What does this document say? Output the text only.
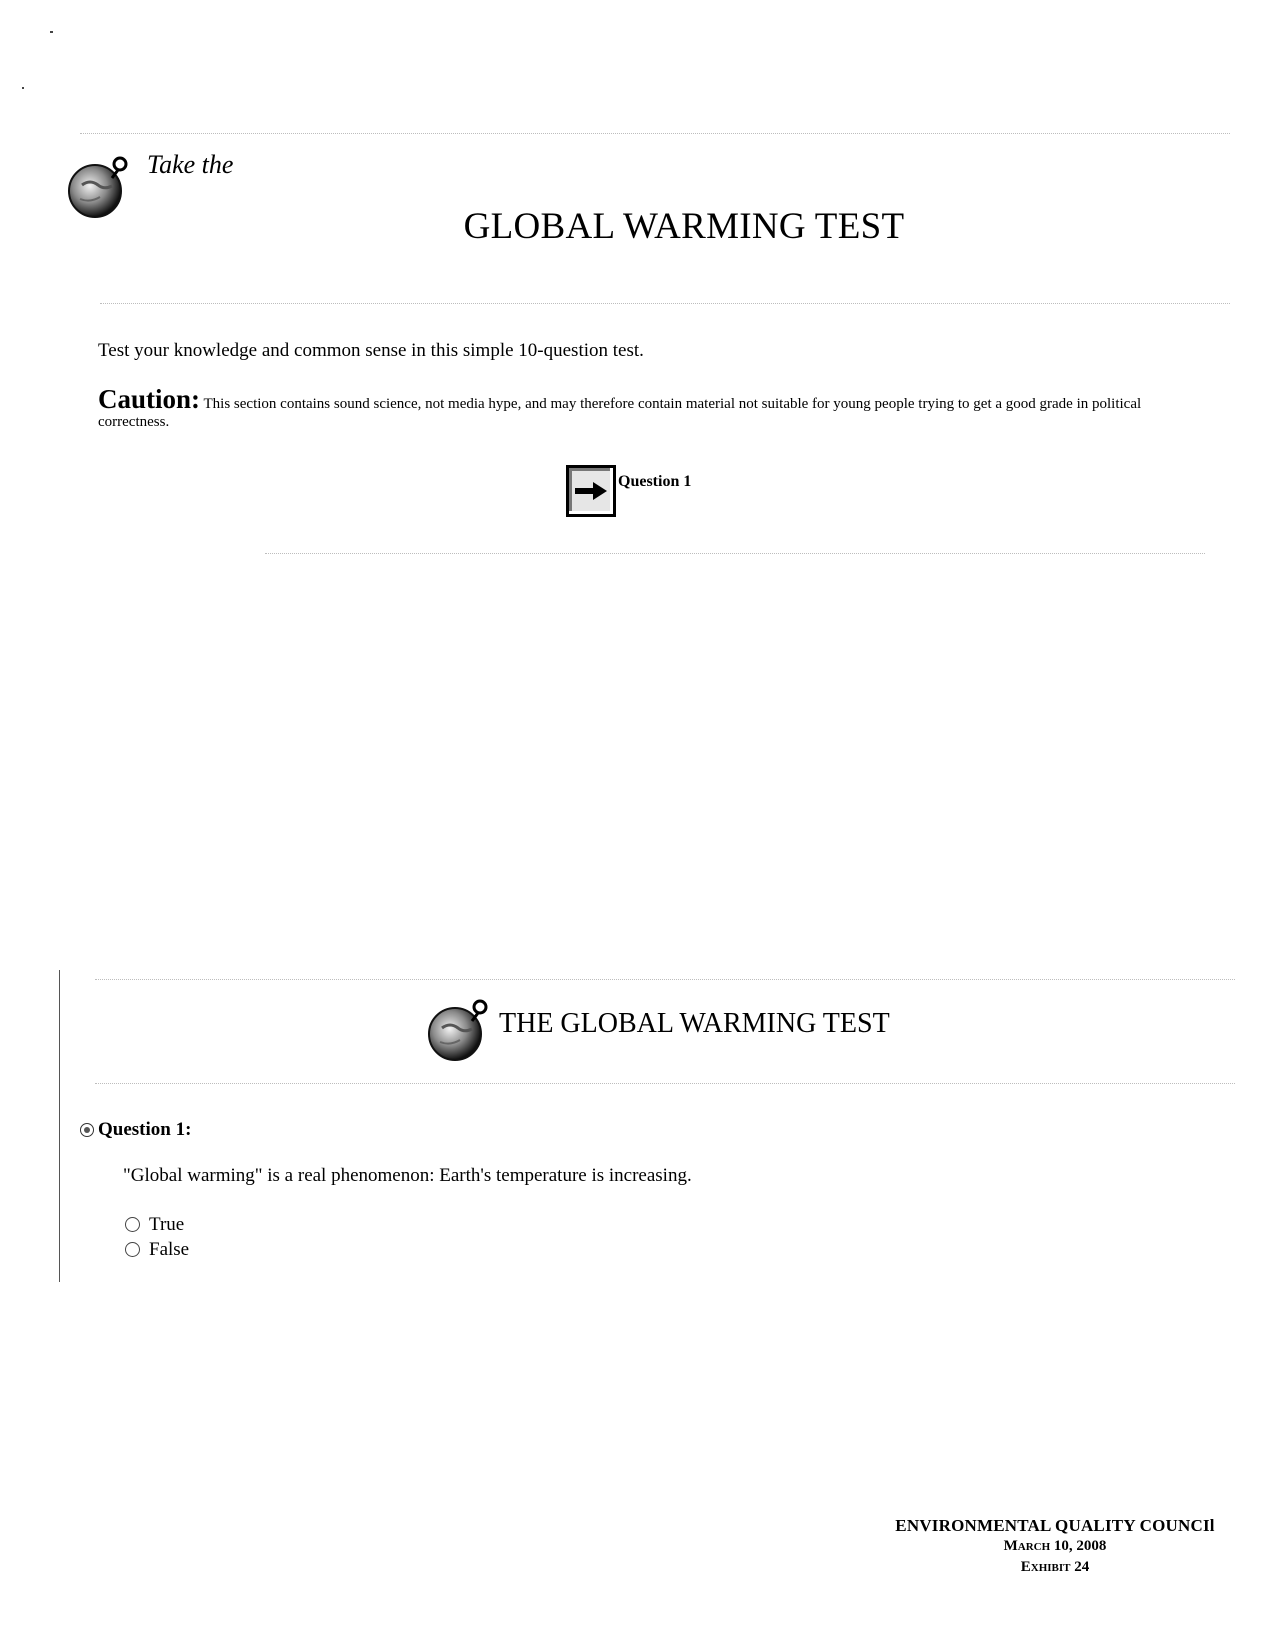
Take the
GLOBAL WARMING TEST
Test your knowledge and common sense in this simple 10-question test.
Caution: This section contains sound science, not media hype, and may therefore contain material not suitable for young people trying to get a good grade in political correctness.
Question 1
THE GLOBAL WARMING TEST
Question 1:
"Global warming" is a real phenomenon: Earth's temperature is increasing.
True
False
ENVIRONMENTAL QUALITY COUNCIl
March 10, 2008
Exhibit 24
